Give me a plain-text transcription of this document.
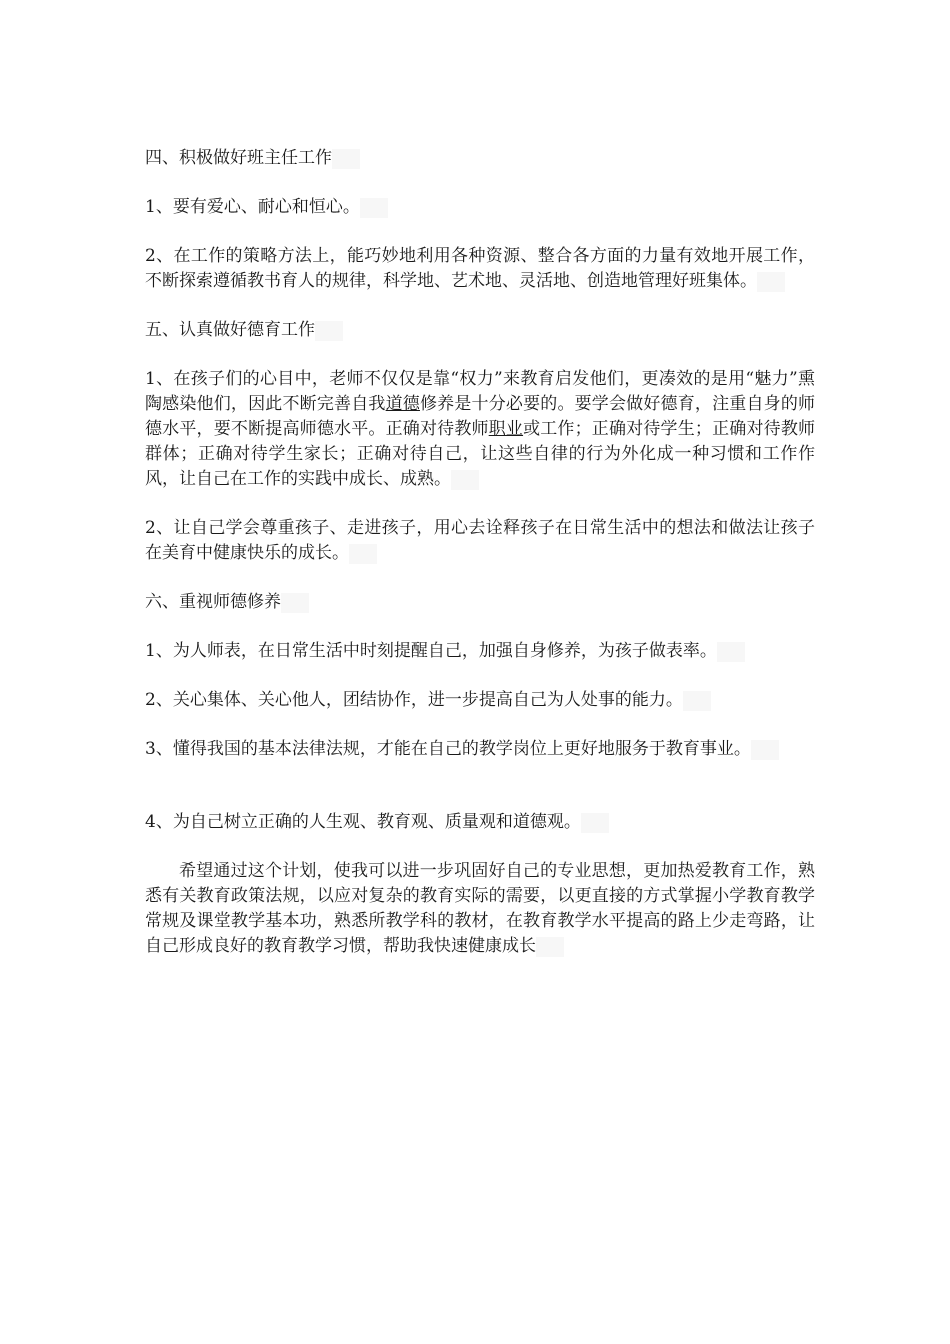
四、积极做好班主任工作

1、要有爱心、耐心和恒心。

2、在工作的策略方法上，能巧妙地利用各种资源、整合各方面的力量有效地开展工作，不断探索遵循教书育人的规律，科学地、艺术地、灵活地、创造地管理好班集体。

五、认真做好德育工作

1、在孩子们的心目中，老师不仅仅是靠“权力”来教育启发他们，更凑效的是用“魅力”熏陶感染他们，因此不断完善自我道德修养是十分必要的。要学会做好德育，注重自身的师德水平，要不断提高师德水平。正确对待教师职业或工作；正确对待学生；正确对待教师群体；正确对待学生家长；正确对待自己，让这些自律的行为外化成一种习惯和工作作风，让自己在工作的实践中成长、成熟。

2、让自己学会尊重孩子、走进孩子，用心去诠释孩子在日常生活中的想法和做法让孩子在美育中健康快乐的成长。

六、重视师德修养

1、为人师表，在日常生活中时刻提醒自己，加强自身修养，为孩子做表率。

2、关心集体、关心他人，团结协作，进一步提高自己为人处事的能力。

3、懂得我国的基本法律法规，才能在自己的教学岗位上更好地服务于教育事业。

4、为自己树立正确的人生观、教育观、质量观和道德观。

希望通过这个计划，使我可以进一步巩固好自己的专业思想，更加热爱教育工作，熟悉有关教育政策法规，以应对复杂的教育实际的需要，以更直接的方式掌握小学教育教学常规及课堂教学基本功，熟悉所教学科的教材，在教育教学水平提高的路上少走弯路，让自己形成良好的教育教学习惯，帮助我快速健康成长
